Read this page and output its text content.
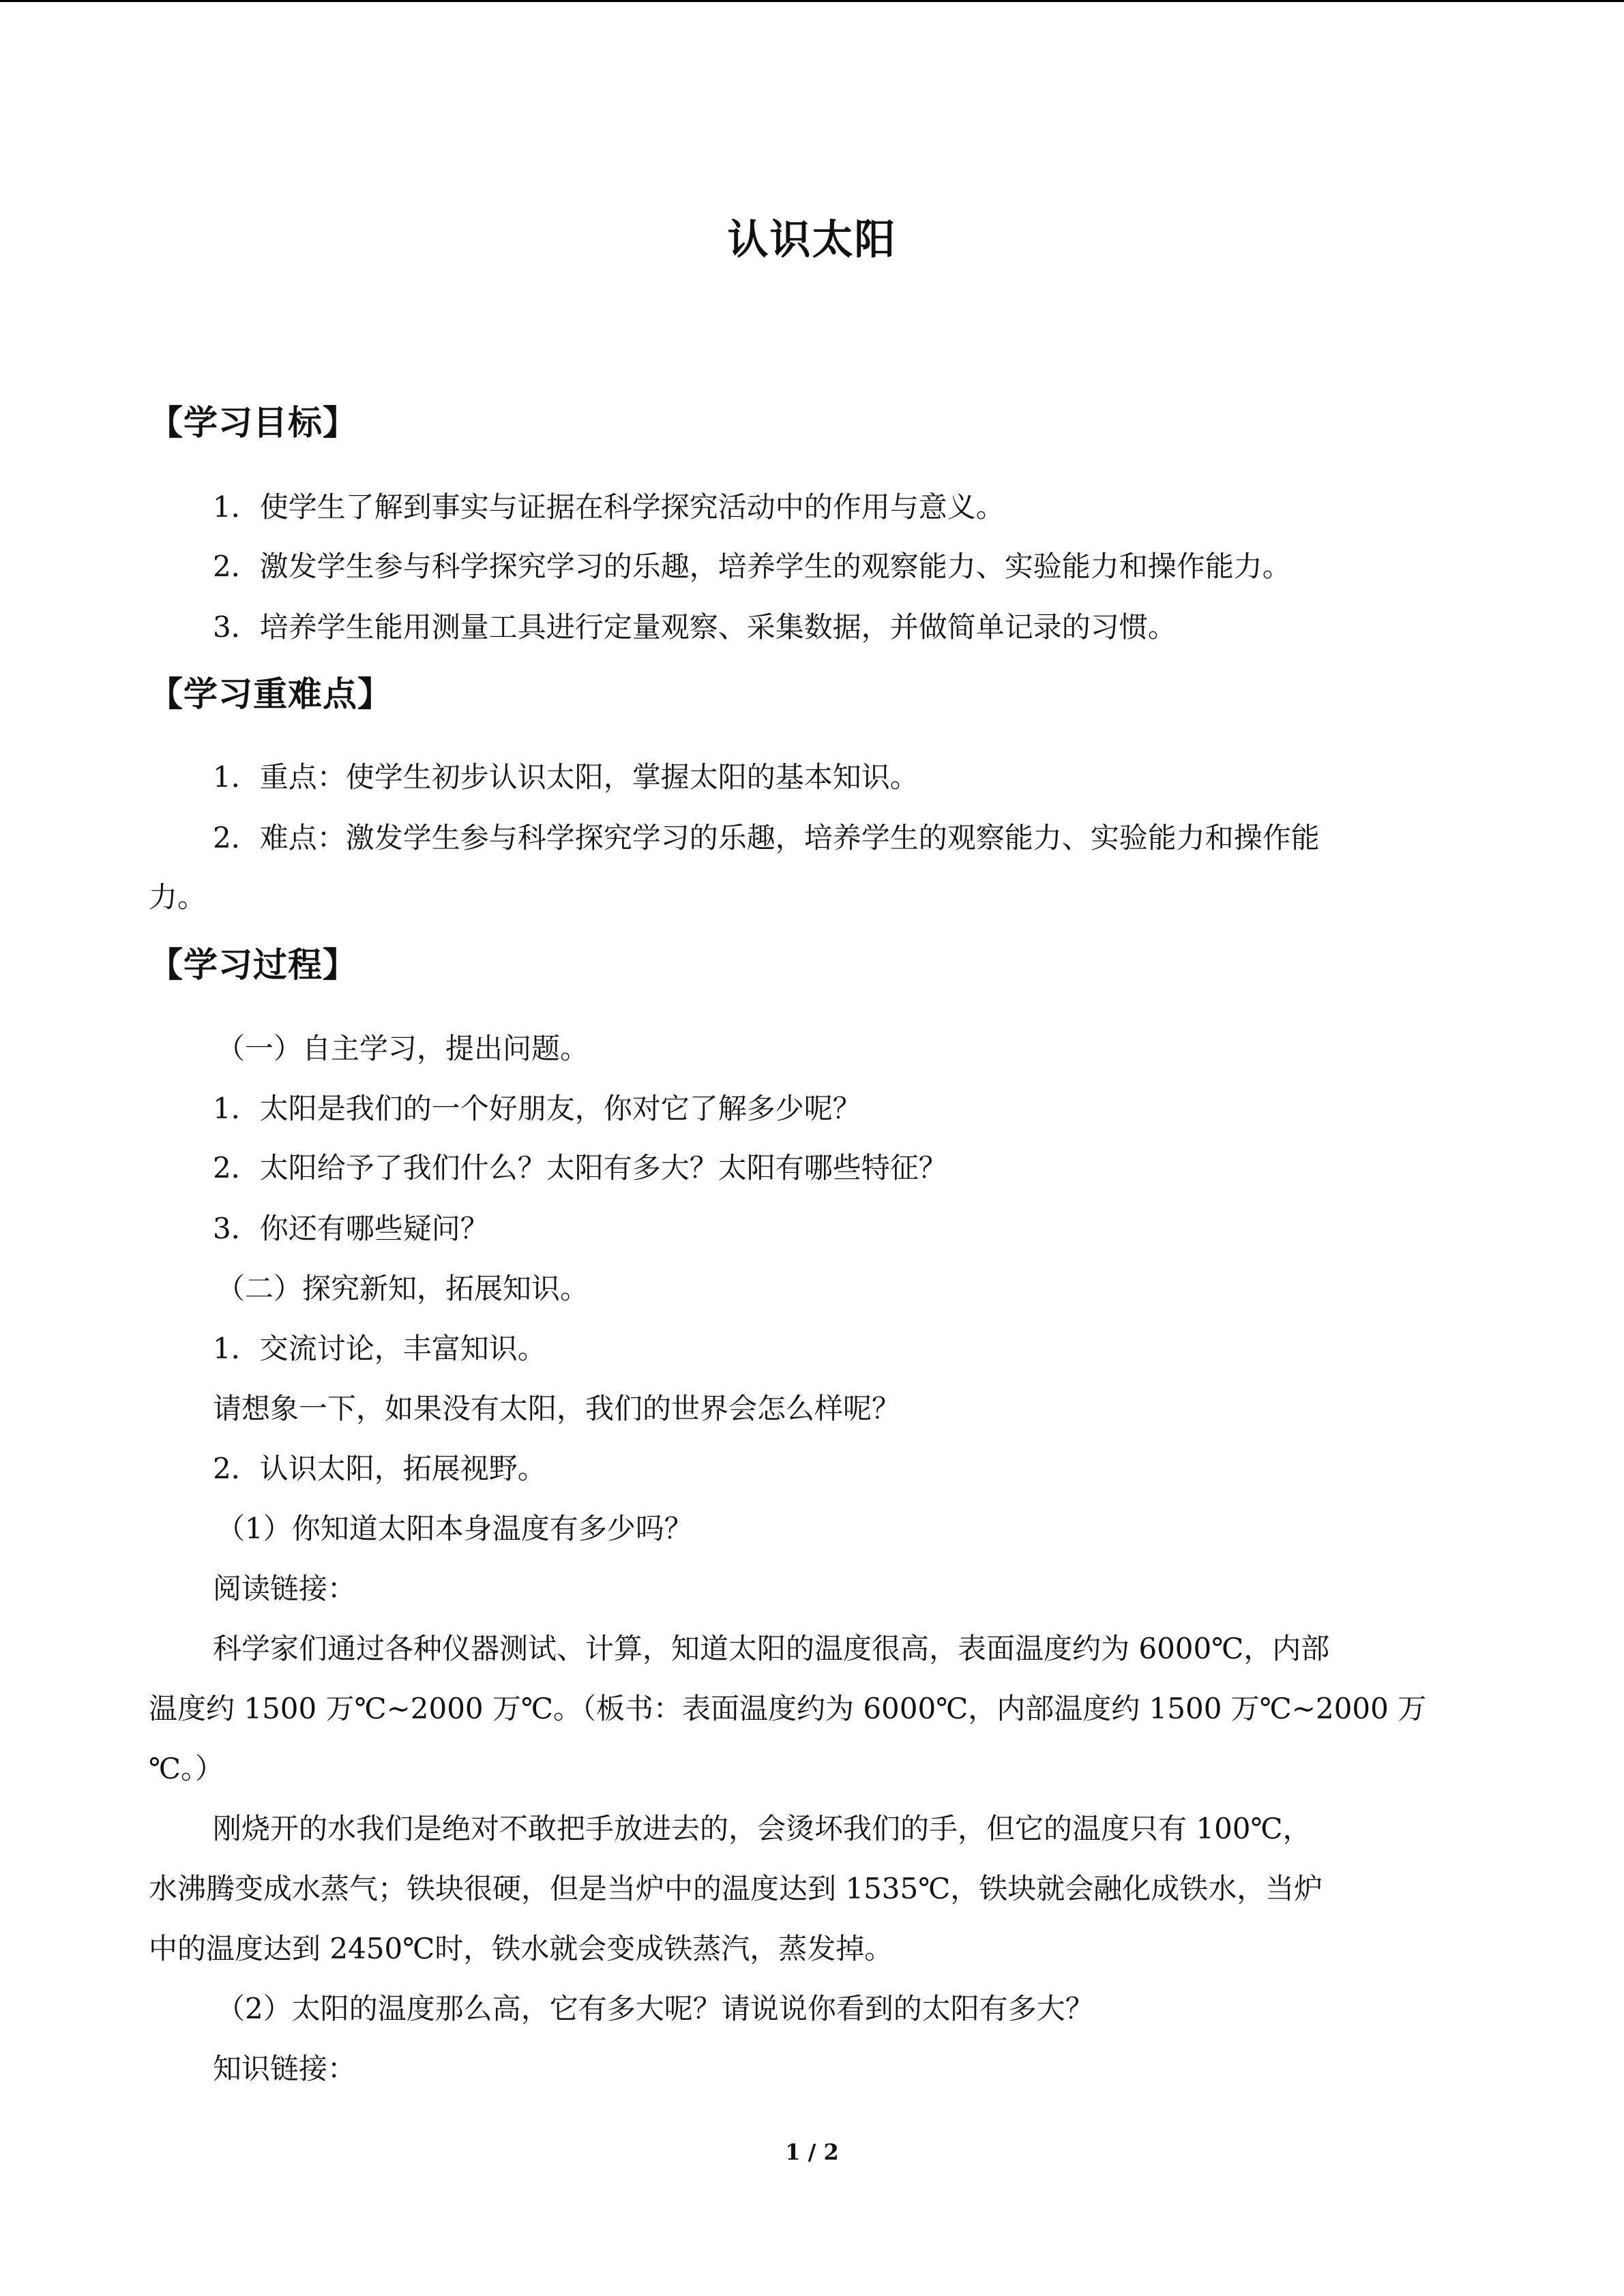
认识太阳
【学习目标】
1．使学生了解到事实与证据在科学探究活动中的作用与意义。
2．激发学生参与科学探究学习的乐趣，培养学生的观察能力、实验能力和操作能力。
3．培养学生能用测量工具进行定量观察、采集数据，并做简单记录的习惯。
【学习重难点】
1．重点：使学生初步认识太阳，掌握太阳的基本知识。
2．难点：激发学生参与科学探究学习的乐趣，培养学生的观察能力、实验能力和操作能
力。
【学习过程】
（一）自主学习，提出问题。
1．太阳是我们的一个好朋友，你对它了解多少呢？
2．太阳给予了我们什么？太阳有多大？太阳有哪些特征？
3．你还有哪些疑问？
（二）探究新知，拓展知识。
1．交流讨论，丰富知识。
请想象一下，如果没有太阳，我们的世界会怎么样呢？
2．认识太阳，拓展视野。
（1）你知道太阳本身温度有多少吗？
阅读链接：
科学家们通过各种仪器测试、计算，知道太阳的温度很高，表面温度约为 6000℃，内部
温度约 1500 万℃~2000 万℃。（板书：表面温度约为 6000℃，内部温度约 1500 万℃~2000 万
℃。）
刚烧开的水我们是绝对不敢把手放进去的，会烫坏我们的手，但它的温度只有 100℃，
水沸腾变成水蒸气；铁块很硬，但是当炉中的温度达到 1535℃，铁块就会融化成铁水，当炉
中的温度达到 2450℃时，铁水就会变成铁蒸汽，蒸发掉。
（2）太阳的温度那么高，它有多大呢？请说说你看到的太阳有多大？
知识链接：
1 / 2
